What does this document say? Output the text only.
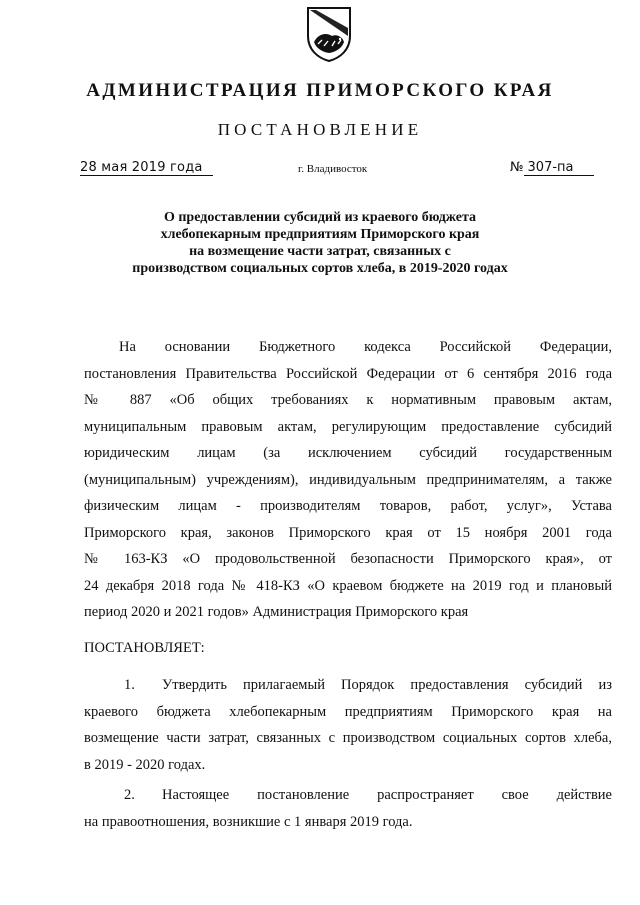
АДМИНИСТРАЦИЯ ПРИМОРСКОГО КРАЯ
ПОСТАНОВЛЕНИЕ
28 мая 2019 года	г. Владивосток	№ 307-па
О предоставлении субсидий из краевого бюджета
хлебопекарным предприятиям Приморского края
на возмещение части затрат, связанных с
производством социальных сортов хлеба, в 2019-2020 годах
На основании Бюджетного кодекса Российской Федерации,
постановления Правительства Российской Федерации от 6 сентября 2016 года
№ 887 «Об общих требованиях к нормативным правовым актам,
муниципальным правовым актам, регулирующим предоставление субсидий
юридическим лицам (за исключением субсидий государственным
(муниципальным) учреждениям), индивидуальным предпринимателям, а также
физическим лицам - производителям товаров, работ, услуг», Устава
Приморского края, законов Приморского края от 15 ноября 2001 года
№ 163-КЗ «О продовольственной безопасности Приморского края», от
24 декабря 2018 года № 418-КЗ «О краевом бюджете на 2019 год и плановый
период 2020 и 2021 годов» Администрация Приморского края
ПОСТАНОВЛЯЕТ:
1. Утвердить прилагаемый Порядок предоставления субсидий из
краевого бюджета хлебопекарным предприятиям Приморского края на
возмещение части затрат, связанных с производством социальных сортов хлеба,
в 2019 - 2020 годах.
2. Настоящее постановление распространяет свое действие
на правоотношения, возникшие с 1 января 2019 года.
